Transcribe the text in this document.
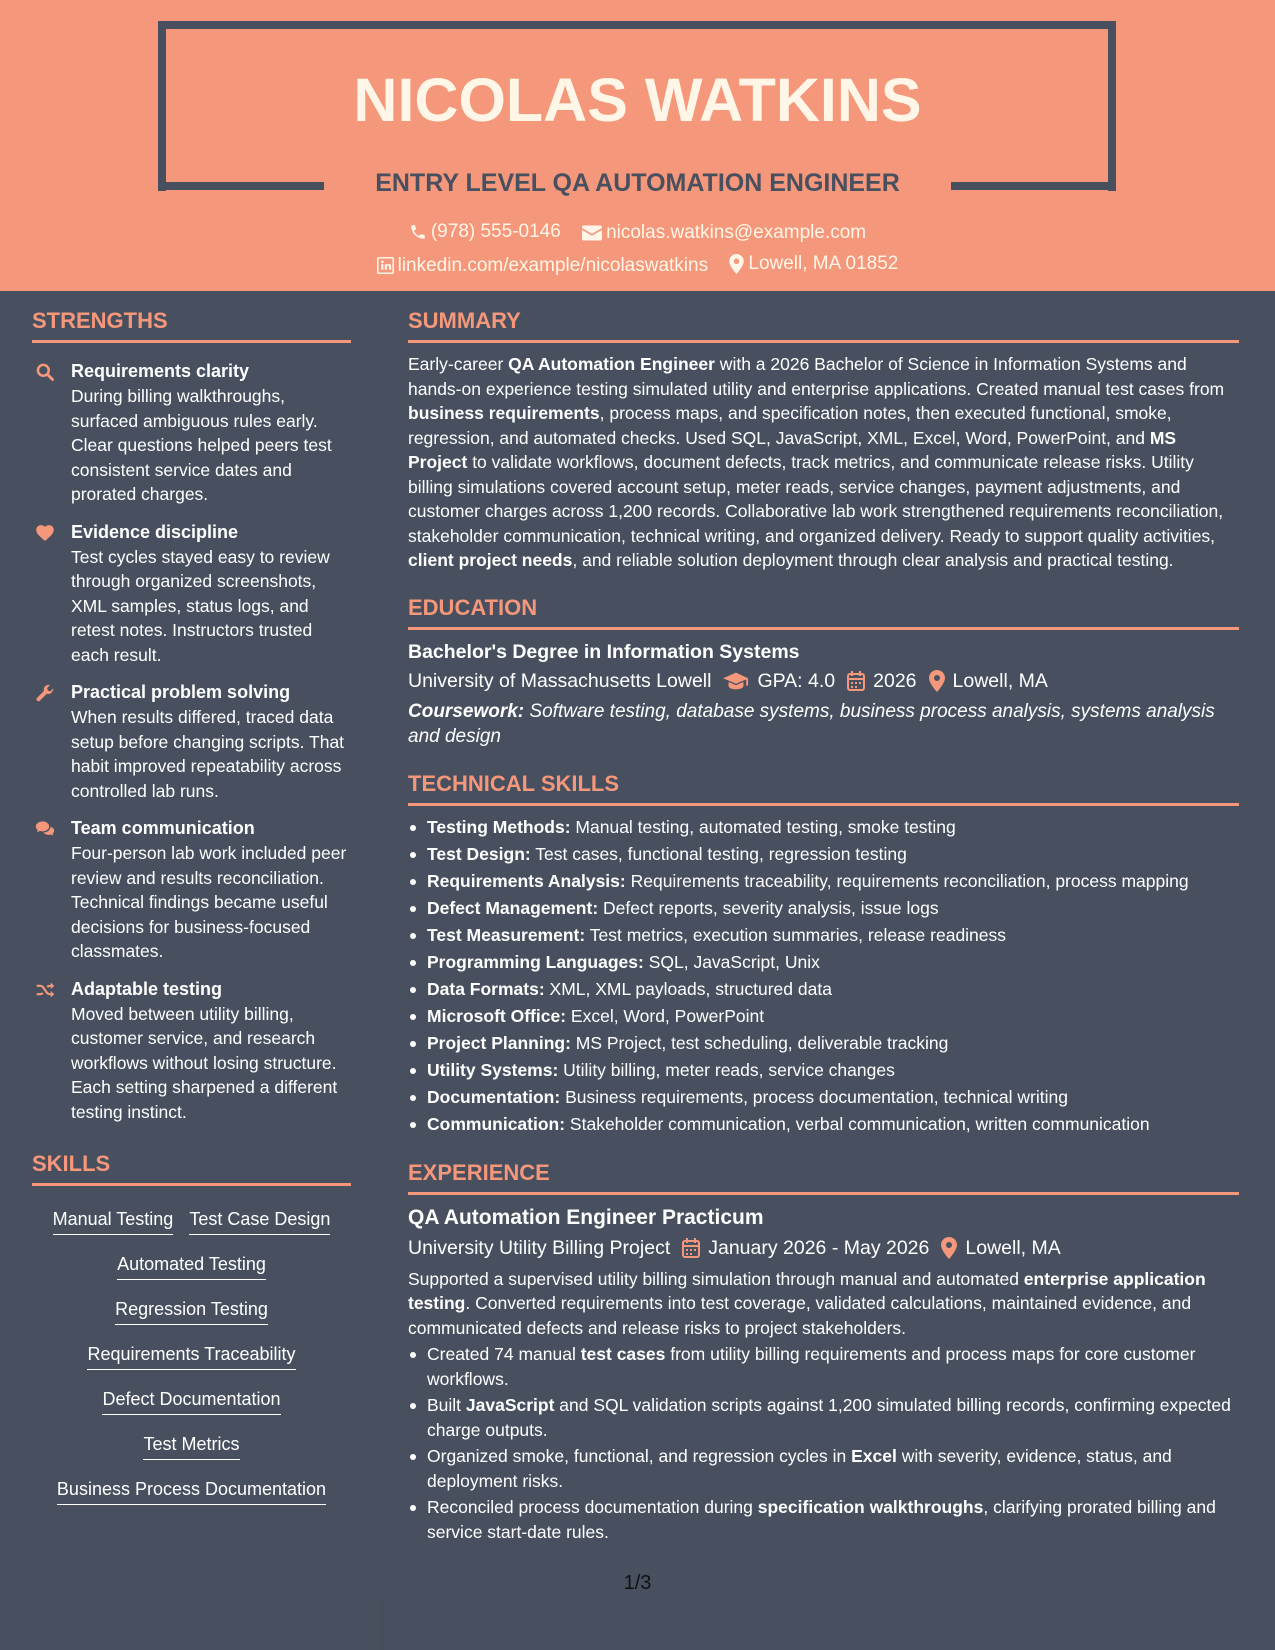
NICOLAS WATKINS
ENTRY LEVEL QA AUTOMATION ENGINEER
(978) 555-0146
nicolas.watkins@example.com
linkedin.com/example/nicolaswatkins
Lowell, MA 01852
STRENGTHS
Requirements clarity
During billing walkthroughs, surfaced ambiguous rules early. Clear questions helped peers test consistent service dates and prorated charges.
Evidence discipline
Test cycles stayed easy to review through organized screenshots, XML samples, status logs, and retest notes. Instructors trusted each result.
Practical problem solving
When results differed, traced data setup before changing scripts. That habit improved repeatability across controlled lab runs.
Team communication
Four-person lab work included peer review and results reconciliation. Technical findings became useful decisions for business-focused classmates.
Adaptable testing
Moved between utility billing, customer service, and research workflows without losing structure. Each setting sharpened a different testing instinct.
SKILLS
Manual Testing Test Case Design
Automated Testing
Regression Testing
Requirements Traceability
Defect Documentation
Test Metrics
Business Process Documentation
SUMMARY

Early-career QA Automation Engineer with a 2026 Bachelor of Science in Information Systems and hands-on experience testing simulated utility and enterprise applications. Created manual test cases from business requirements, process maps, and specification notes, then executed functional, smoke, regression, and automated checks. Used SQL, JavaScript, XML, Excel, Word, PowerPoint, and MS Project to validate workflows, document defects, track metrics, and communicate release risks. Utility billing simulations covered account setup, meter reads, service changes, payment adjustments, and customer charges across 1,200 records. Collaborative lab work strengthened requirements reconciliation, stakeholder communication, technical writing, and organized delivery. Ready to support quality activities, client project needs, and reliable solution deployment through clear analysis and practical testing.

EDUCATION
Bachelor's Degree in Information Systems
University of Massachusetts Lowell GPA: 4.0 2026 Lowell, MA

Coursework: Software testing, database systems, business process analysis, systems analysis and design

TECHNICAL SKILLS
Testing Methods: Manual testing, automated testing, smoke testing
Test Design: Test cases, functional testing, regression testing
Requirements Analysis: Requirements traceability, requirements reconciliation, process mapping
Defect Management: Defect reports, severity analysis, issue logs
Test Measurement: Test metrics, execution summaries, release readiness
Programming Languages: SQL, JavaScript, Unix
Data Formats: XML, XML payloads, structured data
Microsoft Office: Excel, Word, PowerPoint
Project Planning: MS Project, test scheduling, deliverable tracking
Utility Systems: Utility billing, meter reads, service changes
Documentation: Business requirements, process documentation, technical writing
Communication: Stakeholder communication, verbal communication, written communication
EXPERIENCE
QA Automation Engineer Practicum
University Utility Billing Project January 2026 - May 2026 Lowell, MA

Supported a supervised utility billing simulation through manual and automated enterprise application testing. Converted requirements into test coverage, validated calculations, maintained evidence, and communicated defects and release risks to project stakeholders.

Created 74 manual test cases from utility billing requirements and process maps for core customer workflows.
Built JavaScript and SQL validation scripts against 1,200 simulated billing records, confirming expected charge outputs.
Organized smoke, functional, and regression cycles in Excel with severity, evidence, status, and deployment risks.
Reconciled process documentation during specification walkthroughs, clarifying prorated billing and service start-date rules.
1/3
